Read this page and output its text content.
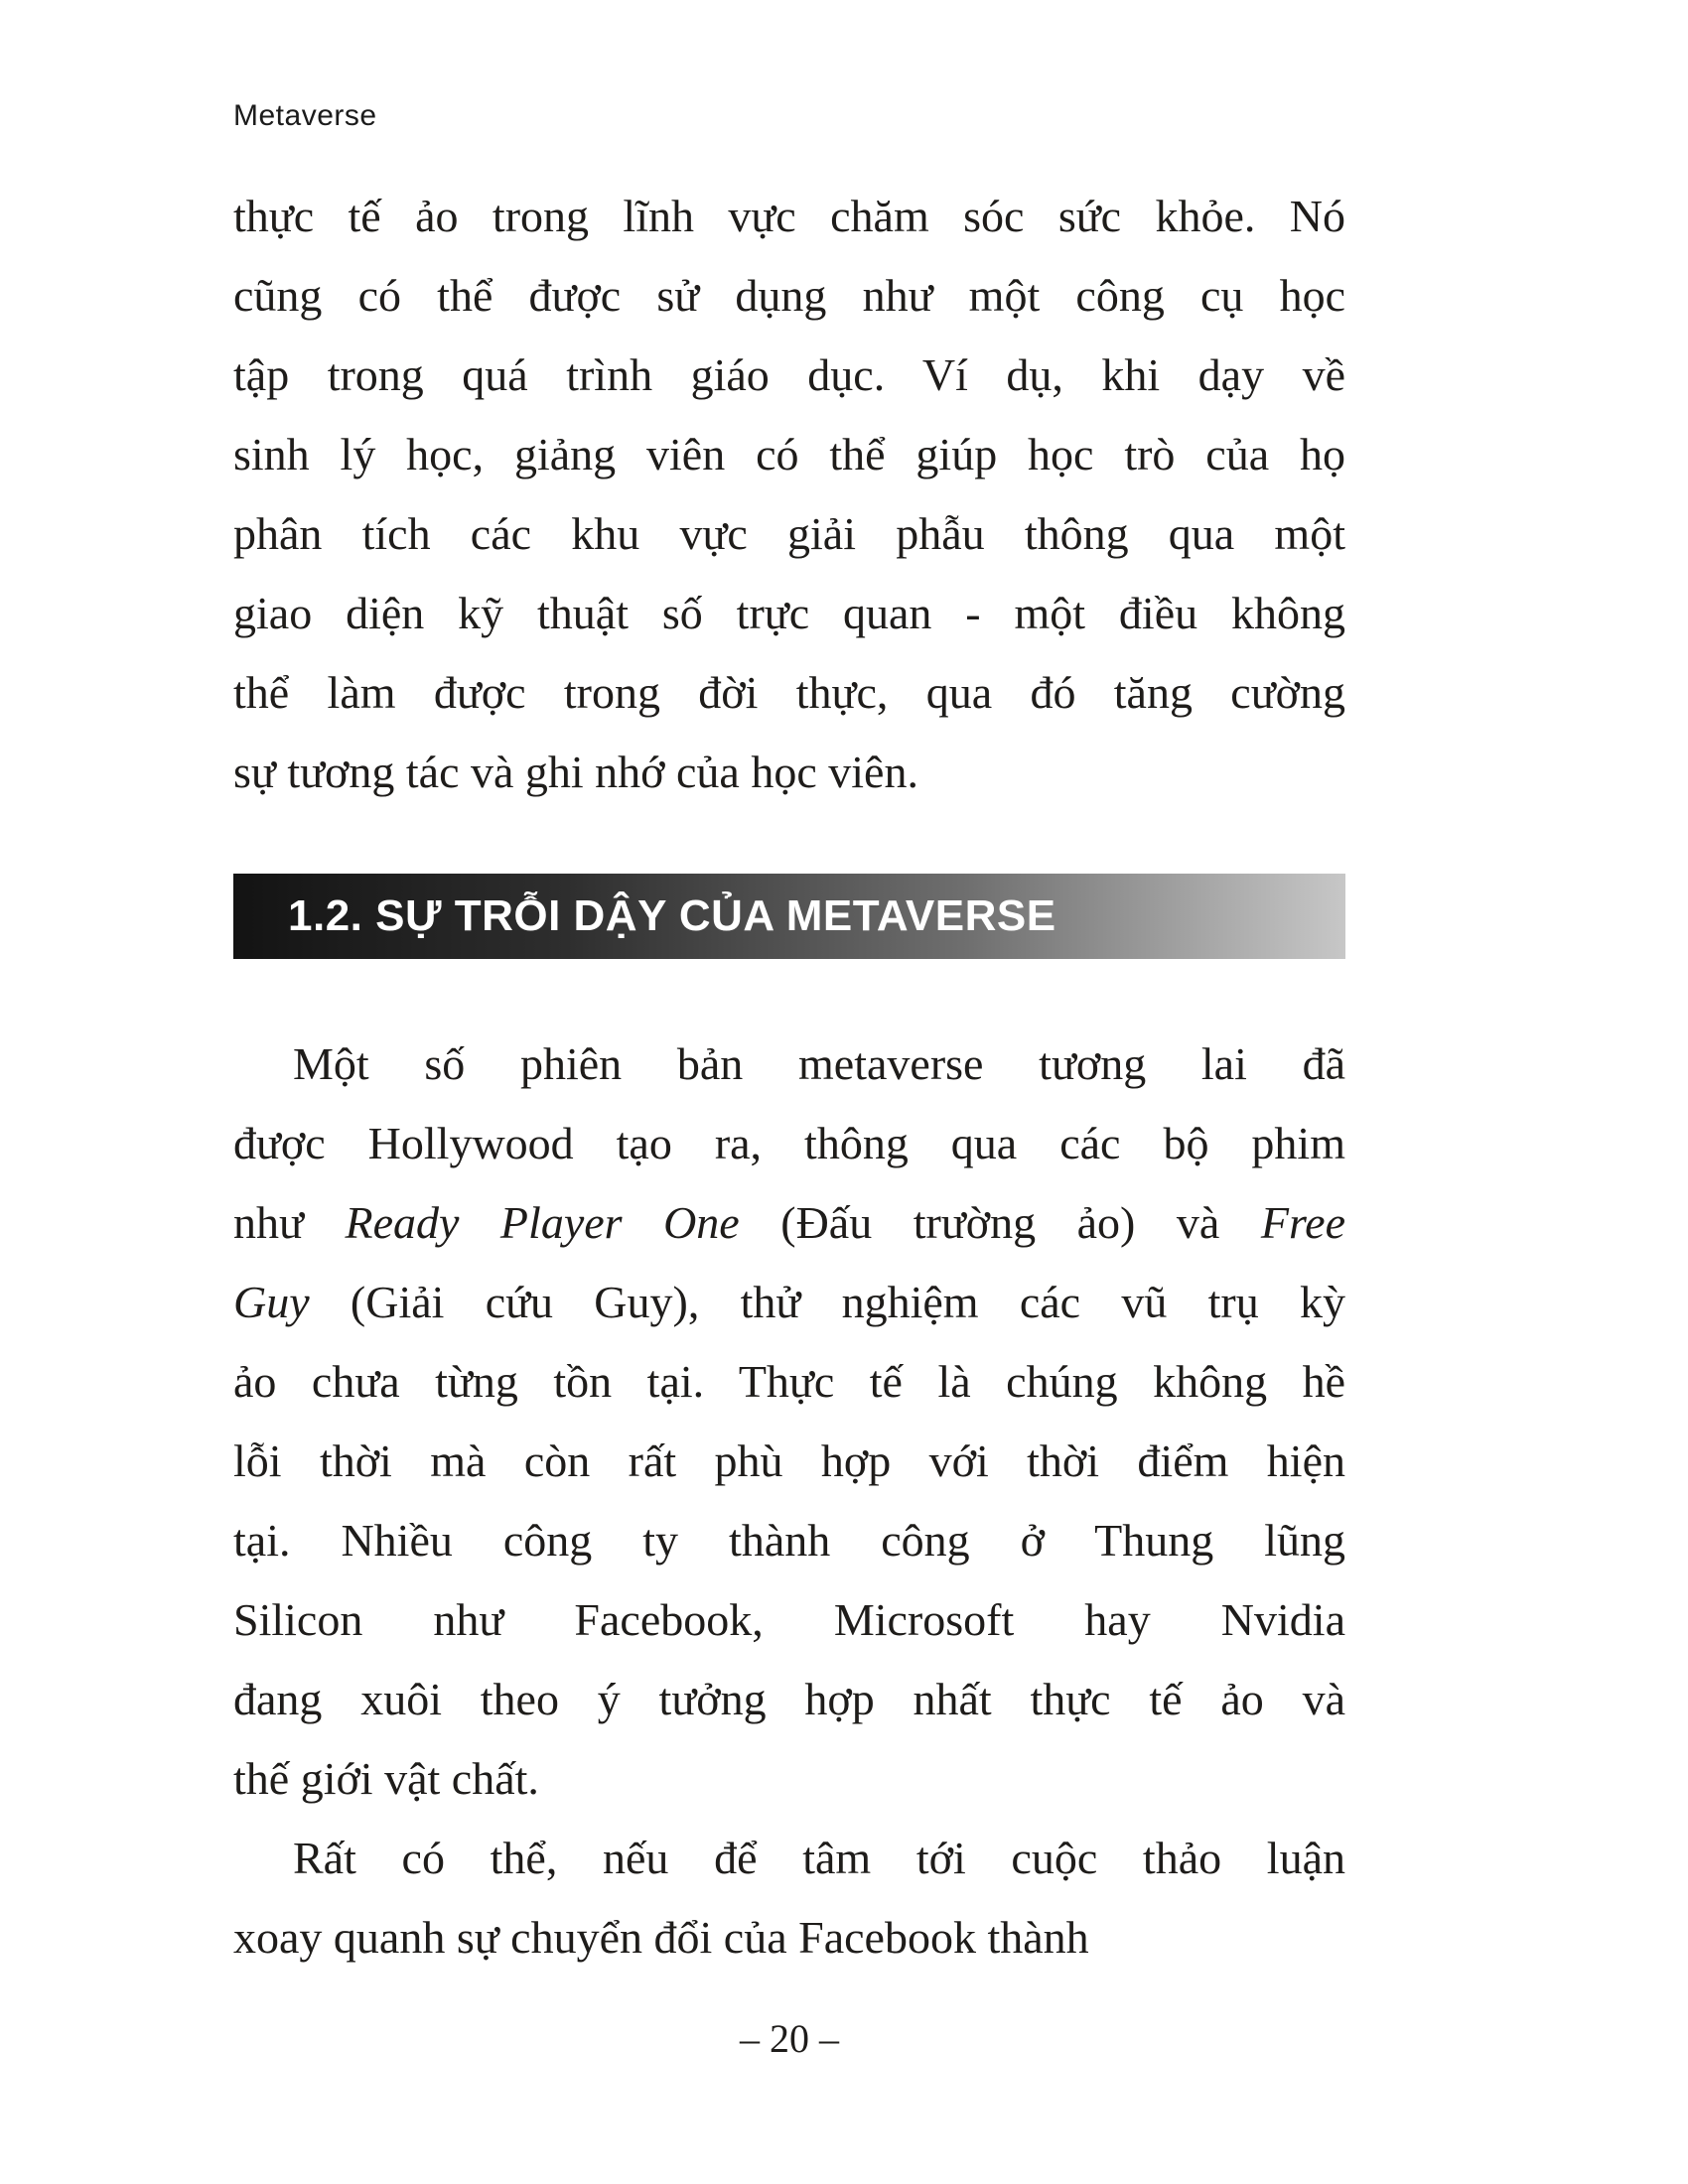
Metaverse
thực tế ảo trong lĩnh vực chăm sóc sức khỏe. Nó
cũng có thể được sử dụng như một công cụ học
tập trong quá trình giáo dục. Ví dụ, khi dạy về
sinh lý học, giảng viên có thể giúp học trò của họ
phân tích các khu vực giải phẫu thông qua một
giao diện kỹ thuật số trực quan - một điều không
thể làm được trong đời thực, qua đó tăng cường
sự tương tác và ghi nhớ của học viên.
1.2. SỰ TRỖI DẬY CỦA METAVERSE
Một số phiên bản metaverse tương lai đã
được Hollywood tạo ra, thông qua các bộ phim
như Ready Player One (Đấu trường ảo) và Free
Guy (Giải cứu Guy), thử nghiệm các vũ trụ kỳ
ảo chưa từng tồn tại. Thực tế là chúng không hề
lỗi thời mà còn rất phù hợp với thời điểm hiện
tại. Nhiều công ty thành công ở Thung lũng
Silicon như Facebook, Microsoft hay Nvidia
đang xuôi theo ý tưởng hợp nhất thực tế ảo và
thế giới vật chất.
Rất có thể, nếu để tâm tới cuộc thảo luận
xoay quanh sự chuyển đổi của Facebook thành
– 20 –
